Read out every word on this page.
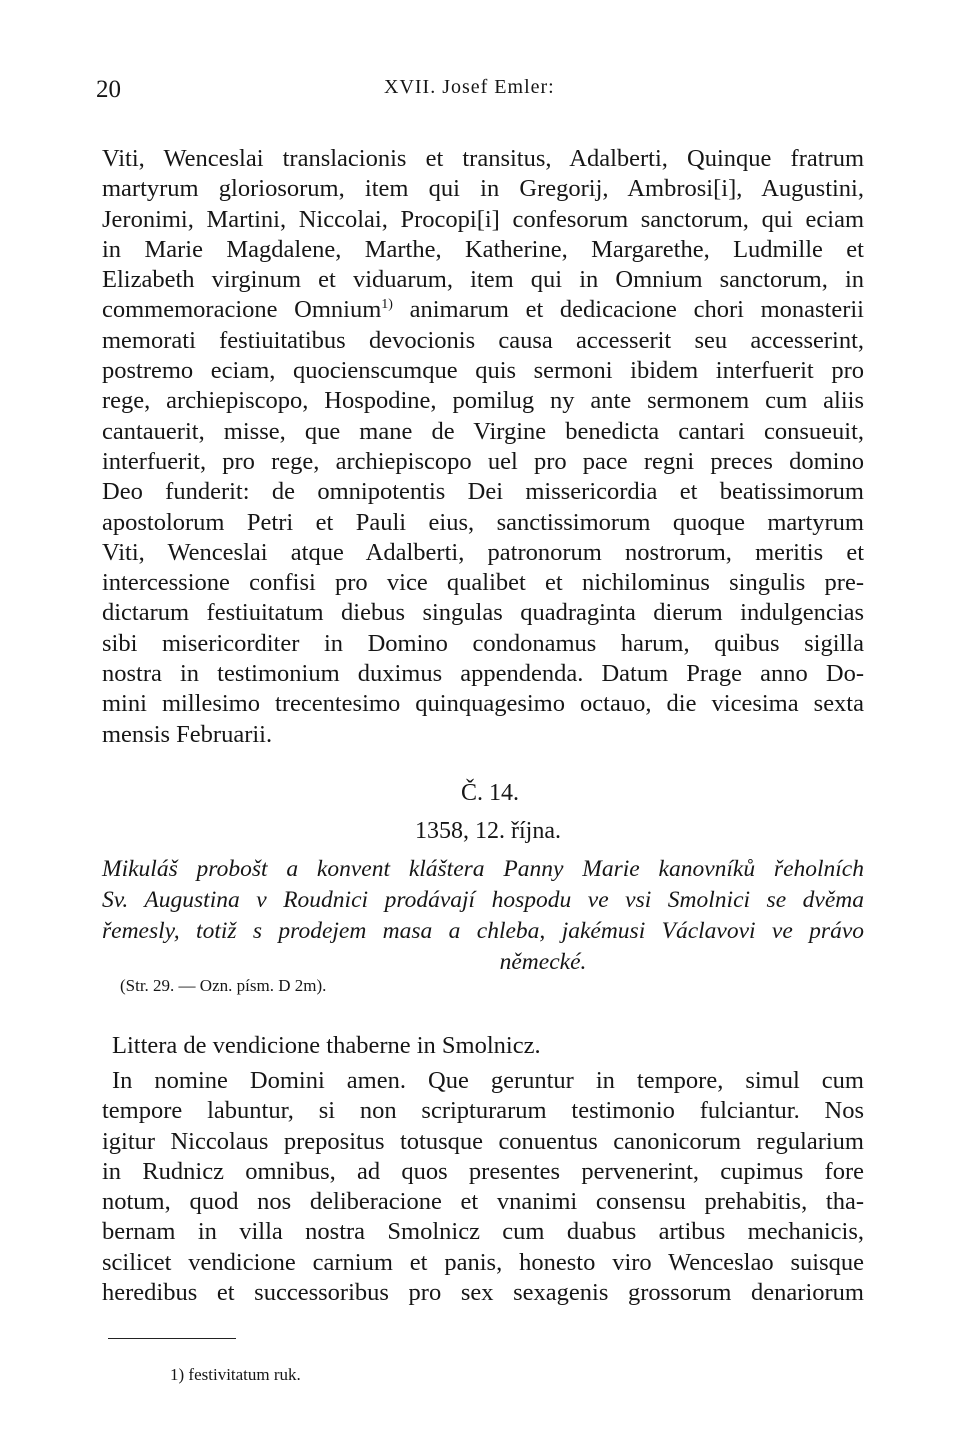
20	XVII. Josef Emler:
Viti, Wenceslai translacionis et transitus, Adalberti, Quinque fratrum
martyrum gloriosorum, item qui in Gregorij, Ambrosi[i], Augustini,
Jeronimi, Martini, Niccolai, Procopi[i] confesorum sanctorum, qui eciam
in Marie Magdalene, Marthe, Katherine, Margarethe, Ludmille et
Elizabeth virginum et viduarum, item qui in Omnium sanctorum, in
commemoracione Omnium$^{1)}$ animarum et dedicacione chori monasterii
memorati festiuitatibus devocionis causa accesserit seu accesserint,
postremo eciam, quocienscumque quis sermoni ibidem interfuerit pro
rege, archiepiscopo, Hospodine, pomilug ny ante sermonem cum aliis
cantauerit, misse, que mane de Virgine benedicta cantari consueuit,
interfuerit, pro rege, archiepiscopo uel pro pace regni preces domino
Deo funderit: de omnipotentis Dei missericordia et beatissimorum
apostolorum Petri et Pauli eius, sanctissimorum quoque martyrum
Viti, Wenceslai atque Adalberti, patronorum nostrorum, meritis et
intercessione confisi pro vice qualibet et nichilominus singulis pre-
dictarum festiuitatum diebus singulas quadraginta dierum indulgencias
sibi misericorditer in Domino condonamus harum, quibus sigilla
nostra in testimonium duximus appendenda. Datum Prage anno Do-
mini millesimo trecentesimo quinquagesimo octauo, die vicesima sexta
mensis Februarii.
Č. 14.
1358, 12. října.
Mikuláš probošt a konvent kláštera Panny Marie kanovníků řeholních
Sv. Augustina v Roudnici prodávají hospodu ve vsi Smolnici se dvěma
řemesly, totiž s prodejem masa a chleba, jakémusi Václavovi ve právo
německé.
(Str. 29. — Ozn. písm. D 2m).
Littera de vendicione thaberne in Smolnicz.
In nomine Domini amen. Que geruntur in tempore, simul cum
tempore labuntur, si non scripturarum testimonio fulciantur. Nos
igitur Niccolaus prepositus totusque conuentus canonicorum regularium
in Rudnicz omnibus, ad quos presentes pervenerint, cupimus fore
notum, quod nos deliberacione et vnanimi consensu prehabitis, tha-
bernam in villa nostra Smolnicz cum duabus artibus mechanicis,
scilicet vendicione carnium et panis, honesto viro Wenceslao suisque
heredibus et successoribus pro sex sexagenis grossorum denariorum
1) festivitatum ruk.
